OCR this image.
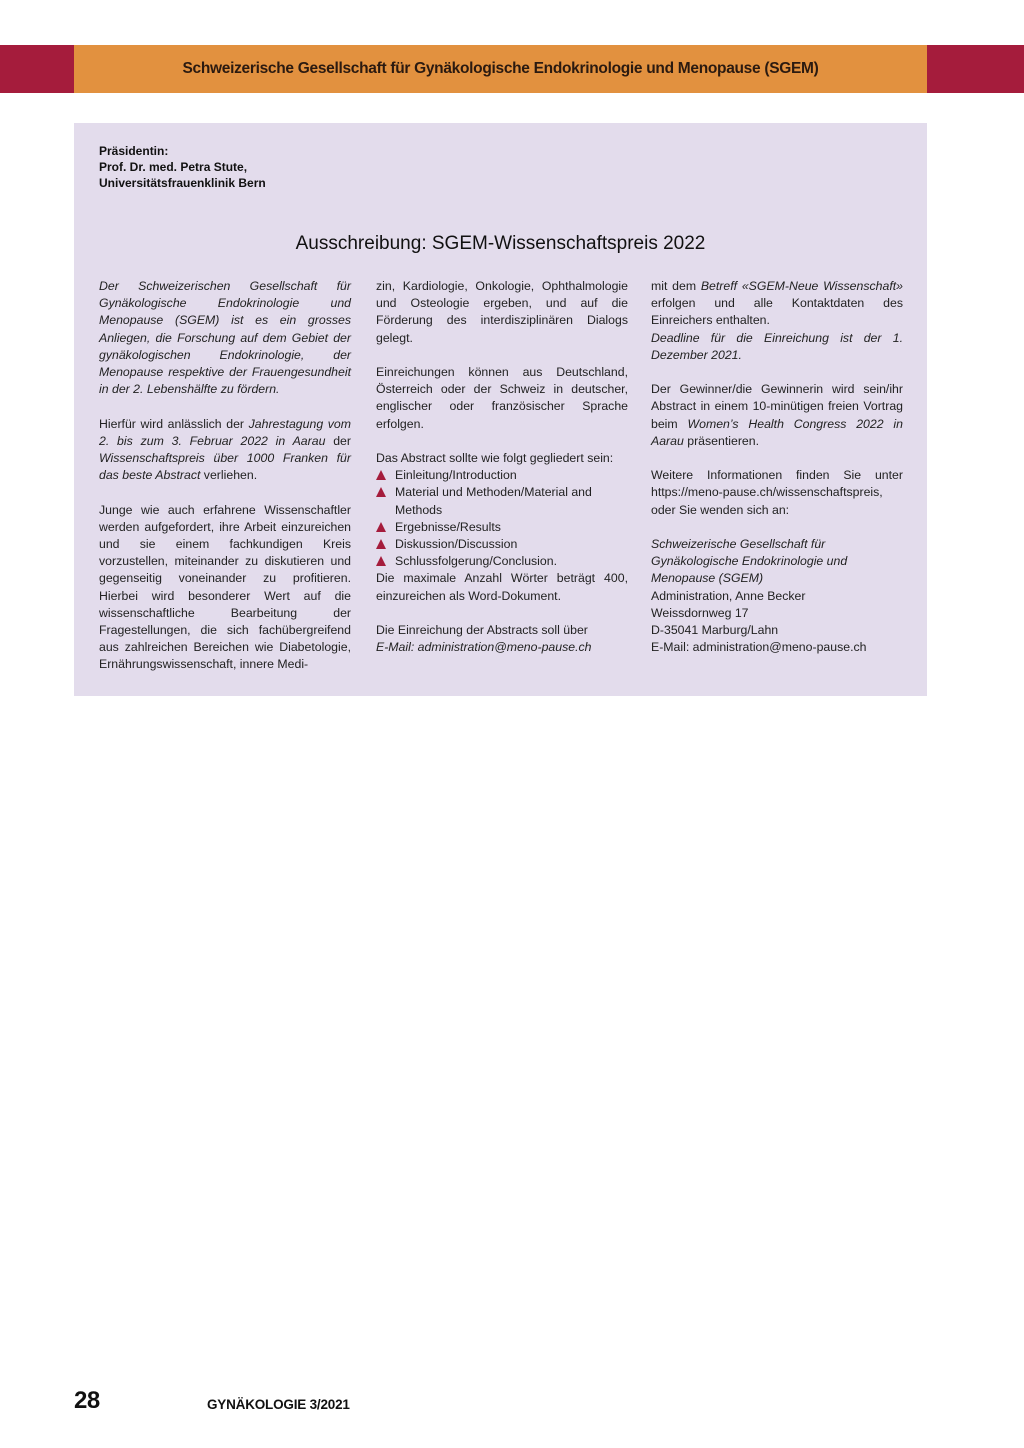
Schweizerische Gesellschaft für Gynäkologische Endokrinologie und Menopause (SGEM)
Präsidentin:
Prof. Dr. med. Petra Stute,
Universitätsfrauenklinik Bern
Ausschreibung: SGEM-Wissenschaftspreis 2022

Der Schweizerischen Gesellschaft für Gynäkologische Endokrinologie und Menopause (SGEM) ist es ein grosses Anliegen, die Forschung auf dem Gebiet der gynäkologischen Endokrinologie, der Menopause respektive der Frauengesundheit in der 2. Lebenshälfte zu fördern.

Hierfür wird anlässlich der Jahrestagung vom 2. bis zum 3. Februar 2022 in Aarau der Wissenschaftspreis über 1000 Franken für das beste Abstract verliehen.

Junge wie auch erfahrene Wissenschaftler werden aufgefordert, ihre Arbeit einzureichen und sie einem fachkundigen Kreis vorzustellen, miteinander zu diskutieren und gegenseitig voneinander zu profitieren. Hierbei wird besonderer Wert auf die wissenschaftliche Bearbeitung der Fragestellungen, die sich fachübergreifend aus zahlreichen Bereichen wie Diabetologie, Ernährungswissenschaft, innere Medi-

zin, Kardiologie, Onkologie, Ophthalmologie und Osteologie ergeben, und auf die Förderung des interdisziplinären Dialogs gelegt.

Einreichungen können aus Deutschland, Österreich oder der Schweiz in deutscher, englischer oder französischer Sprache erfolgen.

Das Abstract sollte wie folgt gegliedert sein:

Einleitung/Introduction
Material und Methoden/Material and Methods
Ergebnisse/Results
Diskussion/Discussion
Schlussfolgerung/Conclusion.

Die maximale Anzahl Wörter beträgt 400, einzureichen als Word-Dokument.

Die Einreichung der Abstracts soll über
E-Mail: administration@meno-pause.ch

mit dem Betreff «SGEM-Neue Wissenschaft» erfolgen und alle Kontaktdaten des Einreichers enthalten.

Deadline für die Einreichung ist der 1. Dezember 2021.

Der Gewinner/die Gewinnerin wird sein/ihr Abstract in einem 10-minütigen freien Vortrag beim Women’s Health Congress 2022 in Aarau präsentieren.

Weitere Informationen finden Sie unter https://meno-pause.ch/wissenschaftspreis, oder Sie wenden sich an:

Schweizerische Gesellschaft für Gynäkologische Endokrinologie und Menopause (SGEM)
Administration, Anne Becker
Weissdornweg 17
D-35041 Marburg/Lahn
E-Mail: administration@meno-pause.ch

28	GYNÄKOLOGIE 3/2021
